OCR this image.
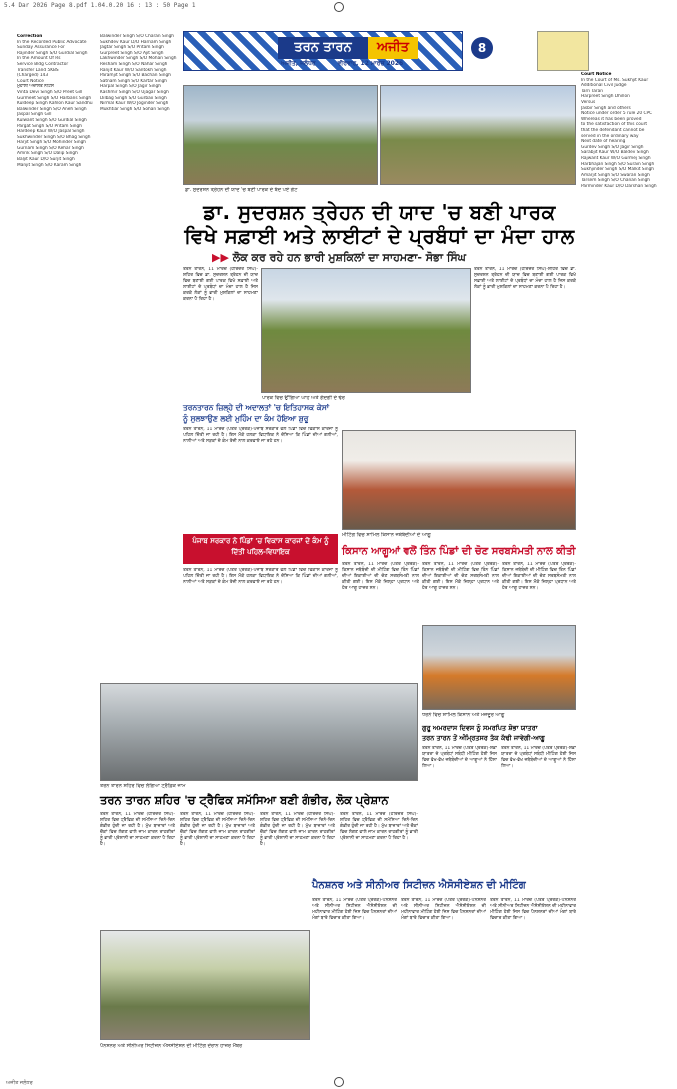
5.4 Dar 2026 Page 8.pdf 1.04.0.20 16 : 13 : 50 Page 1
Correction
In the Recorded Public Advocate
Sunday Assurance For
Rajinder Singh S/O Gurdial Singh
In the Amount Of Rs
Service Bldg Contractor
Transfer Land 5KBS
(Charged) 143
Court Notice
ਮੁਹਾਲੀ ਅਦਾਲਤ ਨੋਟਿਸ
Vinta Devi Singh S/O Preet Gill
Gurmeet Singh S/O Harbans Singh
Kuldeep Singh Kahlon Kaur Sandhu
Balwinder Singh S/O Aneh Singh
Jaspal Singh Gill
Kulwant Singh S/O Gurdial Singh
Pargat Singh S/O Pritam Singh
Hardeep Kaur W/O Jaspal Singh
Sukhwinder Singh S/O Bhag Singh
Harjit Singh S/O Mohinder Singh
Gurnam Singh S/O Kehar Singh
Amrik Singh S/O Dalip Singh
Baljit Kaur D/O Surjit Singh
Manjit Singh S/O Karam Singh
Balwinder Singh S/O Charan Singh
Sukhdev Kaur D/O Harnam Singh
Jagtar Singh S/O Pritam Singh
Gurpreet Singh S/O Ajit Singh
Lakhwinder Singh S/O Mohan Singh
Resham Singh S/O Nahar Singh
Ranjit Kaur W/O Santokh Singh
Paramjit Singh S/O Bachan Singh
Satnam Singh S/O Kartar Singh
Harpal Singh S/O Jagir Singh
Kashmir Singh S/O Ujagar Singh
Dilbag Singh S/O Gurbax Singh
Nirmal Kaur W/O Joginder Singh
Mukhtiar Singh S/O Sohan Singh
ਤਰਨ ਤਾਰਨ	ਅਜੀਤ
ਅਜੀਤ, ਜਲੰਧਰ	ਵੀਰਵਾਰ, 12 ਮਾਰਚ 2026
8
Court Notice
In the Court of Ms. Sukhjit Kaur
Additional Civil Judge
Tarn Taran
Harpreet Singh Dhillon
Versus
Jasbir Singh and others
Notice under order 5 rule 20 CPC
Whereas it has been proved
to the satisfaction of this court
that the defendant cannot be
served in the ordinary way
Next date of hearing
Gurdev Singh S/O Jagir Singh
Sarabjit Kaur W/O Baldev Singh
Rajwant Kaur W/O Gurmej Singh
Harbhajan Singh S/O Surain Singh
Sukhjinder Singh S/O Malkit Singh
Amarjit Singh S/O Swaran Singh
Tarsem Singh S/O Chanan Singh
Parminder Kaur D/O Darshan Singh
ਡਾ. ਸੁਦਰਸ਼ਨ ਤ੍ਰੇਹਨ ਦੀ ਯਾਦ 'ਚ ਬਣੀ ਪਾਰਕ ਦੇ ਬੰਦ ਪਏ ਗੇਟ
ਡਾ. ਸੁਦਰਸ਼ਨ ਤ੍ਰੇਹਨ ਦੀ ਯਾਦ 'ਚ ਬਣੀ ਪਾਰਕ
ਵਿਖੇ ਸਫ਼ਾਈ ਅਤੇ ਲਾਈਟਾਂ ਦੇ ਪ੍ਰਬੰਧਾਂ ਦਾ ਮੰਦਾ ਹਾਲ
▶▶ ਲੋਕ ਕਰ ਰਹੇ ਹਨ ਭਾਰੀ ਮੁਸ਼ਕਿਲਾਂ ਦਾ ਸਾਹਮਣਾ- ਸੋਭਾ ਸਿੰਘ
ਤਰਨ ਤਾਰਨ, 11 ਮਾਰਚ (ਹਰਿੰਦਰ ਸਿੰਘ)-ਸ਼ਹਿਰ ਵਿਚ ਡਾ. ਸੁਦਰਸ਼ਨ ਤ੍ਰੇਹਨ ਦੀ ਯਾਦ ਵਿਚ ਬਣਾਈ ਗਈ ਪਾਰਕ ਵਿਖੇ ਸਫ਼ਾਈ ਅਤੇ ਲਾਈਟਾਂ ਦੇ ਪ੍ਰਬੰਧਾਂ ਦਾ ਮੰਦਾ ਹਾਲ ਹੈ ਜਿਸ ਕਰਕੇ ਲੋਕਾਂ ਨੂੰ ਭਾਰੀ ਮੁਸ਼ਕਿਲਾਂ ਦਾ ਸਾਹਮਣਾ ਕਰਨਾ ਪੈ ਰਿਹਾ ਹੈ।
ਪਾਰਕ ਵਿਚ ਉੱਗਿਆ ਘਾਹ ਅਤੇ ਗੰਦਗੀ ਦੇ ਢੇਰ
ਤਰਨ ਤਾਰਨ, 11 ਮਾਰਚ (ਹਰਿੰਦਰ ਸਿੰਘ)-ਸ਼ਹਿਰ ਵਿਚ ਡਾ. ਸੁਦਰਸ਼ਨ ਤ੍ਰੇਹਨ ਦੀ ਯਾਦ ਵਿਚ ਬਣਾਈ ਗਈ ਪਾਰਕ ਵਿਖੇ ਸਫ਼ਾਈ ਅਤੇ ਲਾਈਟਾਂ ਦੇ ਪ੍ਰਬੰਧਾਂ ਦਾ ਮੰਦਾ ਹਾਲ ਹੈ ਜਿਸ ਕਰਕੇ ਲੋਕਾਂ ਨੂੰ ਭਾਰੀ ਮੁਸ਼ਕਿਲਾਂ ਦਾ ਸਾਹਮਣਾ ਕਰਨਾ ਪੈ ਰਿਹਾ ਹੈ।
ਤਰਨਤਾਰਨ ਜ਼ਿਲ੍ਹੇ ਦੀ ਅਦਾਲਤਾਂ 'ਚ ਇਤਿਹਾਸਕ ਕੇਸਾਂ
ਨੂੰ ਸੁਲਝਾਉਣ ਲਈ ਮੁਹਿੰਮ ਦਾ ਕੰਮ ਹੋਇਆ ਸ਼ੁਰੂ
ਤਰਨ ਤਾਰਨ, 11 ਮਾਰਚ (ਪੱਤਰ ਪ੍ਰੇਰਕ)-ਪੰਜਾਬ ਸਰਕਾਰ ਵਲੋਂ ਪਿੰਡਾਂ ਵਿਚ ਵਿਕਾਸ ਕਾਰਜਾਂ ਨੂੰ ਪਹਿਲ ਦਿੱਤੀ ਜਾ ਰਹੀ ਹੈ। ਇਸ ਮੌਕੇ ਹਲਕਾ ਵਿਧਾਇਕ ਨੇ ਦੱਸਿਆ ਕਿ ਪਿੰਡਾਂ ਦੀਆਂ ਗਲੀਆਂ, ਨਾਲੀਆਂ ਅਤੇ ਸੜਕਾਂ ਦੇ ਕੰਮ ਤੇਜ਼ੀ ਨਾਲ ਕਰਵਾਏ ਜਾ ਰਹੇ ਹਨ।
ਪੰਜਾਬ ਸਰਕਾਰ ਨੇ ਪਿੰਡਾਂ 'ਚ ਵਿਕਾਸ ਕਾਰਜਾਂ ਦੇ ਕੰਮ ਨੂੰ ਦਿੱਤੀ ਪਹਿਲ-ਵਿਧਾਇਕ
ਤਰਨ ਤਾਰਨ, 11 ਮਾਰਚ (ਪੱਤਰ ਪ੍ਰੇਰਕ)-ਪੰਜਾਬ ਸਰਕਾਰ ਵਲੋਂ ਪਿੰਡਾਂ ਵਿਚ ਵਿਕਾਸ ਕਾਰਜਾਂ ਨੂੰ ਪਹਿਲ ਦਿੱਤੀ ਜਾ ਰਹੀ ਹੈ। ਇਸ ਮੌਕੇ ਹਲਕਾ ਵਿਧਾਇਕ ਨੇ ਦੱਸਿਆ ਕਿ ਪਿੰਡਾਂ ਦੀਆਂ ਗਲੀਆਂ, ਨਾਲੀਆਂ ਅਤੇ ਸੜਕਾਂ ਦੇ ਕੰਮ ਤੇਜ਼ੀ ਨਾਲ ਕਰਵਾਏ ਜਾ ਰਹੇ ਹਨ।
ਮੀਟਿੰਗ ਵਿਚ ਸ਼ਾਮਿਲ ਕਿਸਾਨ ਜਥੇਬੰਦੀਆਂ ਦੇ ਆਗੂ
ਕਿਸਾਨ ਆਗੂਆਂ ਵਲੋਂ ਤਿੰਨ ਪਿੰਡਾਂ ਦੀ ਚੋਣ ਸਰਬਸੰਮਤੀ ਨਾਲ ਕੀਤੀ
ਤਰਨ ਤਾਰਨ, 11 ਮਾਰਚ (ਪੱਤਰ ਪ੍ਰੇਰਕ)-ਕਿਸਾਨ ਜਥੇਬੰਦੀ ਦੀ ਮੀਟਿੰਗ ਵਿਚ ਤਿੰਨ ਪਿੰਡਾਂ ਦੀਆਂ ਇਕਾਈਆਂ ਦੀ ਚੋਣ ਸਰਬਸੰਮਤੀ ਨਾਲ ਕੀਤੀ ਗਈ। ਇਸ ਮੌਕੇ ਜ਼ਿਲ੍ਹਾ ਪ੍ਰਧਾਨ ਅਤੇ ਹੋਰ ਆਗੂ ਹਾਜ਼ਰ ਸਨ।
ਤਰਨ ਤਾਰਨ, 11 ਮਾਰਚ (ਪੱਤਰ ਪ੍ਰੇਰਕ)-ਕਿਸਾਨ ਜਥੇਬੰਦੀ ਦੀ ਮੀਟਿੰਗ ਵਿਚ ਤਿੰਨ ਪਿੰਡਾਂ ਦੀਆਂ ਇਕਾਈਆਂ ਦੀ ਚੋਣ ਸਰਬਸੰਮਤੀ ਨਾਲ ਕੀਤੀ ਗਈ। ਇਸ ਮੌਕੇ ਜ਼ਿਲ੍ਹਾ ਪ੍ਰਧਾਨ ਅਤੇ ਹੋਰ ਆਗੂ ਹਾਜ਼ਰ ਸਨ।
ਤਰਨ ਤਾਰਨ, 11 ਮਾਰਚ (ਪੱਤਰ ਪ੍ਰੇਰਕ)-ਕਿਸਾਨ ਜਥੇਬੰਦੀ ਦੀ ਮੀਟਿੰਗ ਵਿਚ ਤਿੰਨ ਪਿੰਡਾਂ ਦੀਆਂ ਇਕਾਈਆਂ ਦੀ ਚੋਣ ਸਰਬਸੰਮਤੀ ਨਾਲ ਕੀਤੀ ਗਈ। ਇਸ ਮੌਕੇ ਜ਼ਿਲ੍ਹਾ ਪ੍ਰਧਾਨ ਅਤੇ ਹੋਰ ਆਗੂ ਹਾਜ਼ਰ ਸਨ।
ਤਰਨ ਤਾਰਨ ਸ਼ਹਿਰ ਵਿਚ ਲੱਗਿਆ ਟ੍ਰੈਫ਼ਿਕ ਜਾਮ
ਤਰਨ ਤਾਰਨ ਸ਼ਹਿਰ 'ਚ ਟ੍ਰੈਫਿਕ ਸਮੱਸਿਆ ਬਣੀ ਗੰਭੀਰ, ਲੋਕ ਪ੍ਰੇਸ਼ਾਨ
ਤਰਨ ਤਾਰਨ, 11 ਮਾਰਚ (ਹਰਿੰਦਰ ਸਿੰਘ)-ਸ਼ਹਿਰ ਵਿਚ ਟ੍ਰੈਫਿਕ ਦੀ ਸਮੱਸਿਆ ਦਿਨੋ-ਦਿਨ ਗੰਭੀਰ ਹੁੰਦੀ ਜਾ ਰਹੀ ਹੈ। ਮੁੱਖ ਬਾਜ਼ਾਰਾਂ ਅਤੇ ਚੌਕਾਂ ਵਿਚ ਲੱਗਣ ਵਾਲੇ ਜਾਮ ਕਾਰਨ ਰਾਹਗੀਰਾਂ ਨੂੰ ਭਾਰੀ ਪ੍ਰੇਸ਼ਾਨੀ ਦਾ ਸਾਹਮਣਾ ਕਰਨਾ ਪੈ ਰਿਹਾ ਹੈ।
ਤਰਨ ਤਾਰਨ, 11 ਮਾਰਚ (ਹਰਿੰਦਰ ਸਿੰਘ)-ਸ਼ਹਿਰ ਵਿਚ ਟ੍ਰੈਫਿਕ ਦੀ ਸਮੱਸਿਆ ਦਿਨੋ-ਦਿਨ ਗੰਭੀਰ ਹੁੰਦੀ ਜਾ ਰਹੀ ਹੈ। ਮੁੱਖ ਬਾਜ਼ਾਰਾਂ ਅਤੇ ਚੌਕਾਂ ਵਿਚ ਲੱਗਣ ਵਾਲੇ ਜਾਮ ਕਾਰਨ ਰਾਹਗੀਰਾਂ ਨੂੰ ਭਾਰੀ ਪ੍ਰੇਸ਼ਾਨੀ ਦਾ ਸਾਹਮਣਾ ਕਰਨਾ ਪੈ ਰਿਹਾ ਹੈ।
ਤਰਨ ਤਾਰਨ, 11 ਮਾਰਚ (ਹਰਿੰਦਰ ਸਿੰਘ)-ਸ਼ਹਿਰ ਵਿਚ ਟ੍ਰੈਫਿਕ ਦੀ ਸਮੱਸਿਆ ਦਿਨੋ-ਦਿਨ ਗੰਭੀਰ ਹੁੰਦੀ ਜਾ ਰਹੀ ਹੈ। ਮੁੱਖ ਬਾਜ਼ਾਰਾਂ ਅਤੇ ਚੌਕਾਂ ਵਿਚ ਲੱਗਣ ਵਾਲੇ ਜਾਮ ਕਾਰਨ ਰਾਹਗੀਰਾਂ ਨੂੰ ਭਾਰੀ ਪ੍ਰੇਸ਼ਾਨੀ ਦਾ ਸਾਹਮਣਾ ਕਰਨਾ ਪੈ ਰਿਹਾ ਹੈ।
ਤਰਨ ਤਾਰਨ, 11 ਮਾਰਚ (ਹਰਿੰਦਰ ਸਿੰਘ)-ਸ਼ਹਿਰ ਵਿਚ ਟ੍ਰੈਫਿਕ ਦੀ ਸਮੱਸਿਆ ਦਿਨੋ-ਦਿਨ ਗੰਭੀਰ ਹੁੰਦੀ ਜਾ ਰਹੀ ਹੈ। ਮੁੱਖ ਬਾਜ਼ਾਰਾਂ ਅਤੇ ਚੌਕਾਂ ਵਿਚ ਲੱਗਣ ਵਾਲੇ ਜਾਮ ਕਾਰਨ ਰਾਹਗੀਰਾਂ ਨੂੰ ਭਾਰੀ ਪ੍ਰੇਸ਼ਾਨੀ ਦਾ ਸਾਹਮਣਾ ਕਰਨਾ ਪੈ ਰਿਹਾ ਹੈ।
ਧਰਨੇ ਵਿਚ ਸ਼ਾਮਿਲ ਕਿਸਾਨ ਅਤੇ ਮਜ਼ਦੂਰ ਆਗੂ
ਗੁਰੂ ਅਮਰਦਾਸ ਦਿਵਸ ਨੂੰ ਸਮਰਪਿਤ ਸ਼ੋਭਾ ਯਾਤਰਾ
ਤਰਨ ਤਾਰਨ ਤੋਂ ਅੰਮ੍ਰਿਤਸਰ ਤੱਕ ਕੱਢੀ ਜਾਵੇਗੀ-ਆਗੂ
ਤਰਨ ਤਾਰਨ, 11 ਮਾਰਚ (ਪੱਤਰ ਪ੍ਰੇਰਕ)-ਸ਼ੋਭਾ ਯਾਤਰਾ ਦੇ ਪ੍ਰਬੰਧਾਂ ਸਬੰਧੀ ਮੀਟਿੰਗ ਹੋਈ ਜਿਸ ਵਿਚ ਵੱਖ-ਵੱਖ ਜਥੇਬੰਦੀਆਂ ਦੇ ਆਗੂਆਂ ਨੇ ਹਿੱਸਾ ਲਿਆ।
ਤਰਨ ਤਾਰਨ, 11 ਮਾਰਚ (ਪੱਤਰ ਪ੍ਰੇਰਕ)-ਸ਼ੋਭਾ ਯਾਤਰਾ ਦੇ ਪ੍ਰਬੰਧਾਂ ਸਬੰਧੀ ਮੀਟਿੰਗ ਹੋਈ ਜਿਸ ਵਿਚ ਵੱਖ-ਵੱਖ ਜਥੇਬੰਦੀਆਂ ਦੇ ਆਗੂਆਂ ਨੇ ਹਿੱਸਾ ਲਿਆ।
ਪੈਨਸ਼ਨਰ ਅਤੇ ਸੀਨੀਅਰ ਸਿਟੀਜ਼ਨ ਐਸੋਸੀਏਸ਼ਨ ਦੀ ਮੀਟਿੰਗ ਦੌਰਾਨ ਹਾਜ਼ਰ ਮੈਂਬਰ
ਪੈਨਸ਼ਨਰ ਅਤੇ ਸੀਨੀਅਰ ਸਿਟੀਜ਼ਨ ਐਸੋਸੀਏਸ਼ਨ ਦੀ ਮੀਟਿੰਗ
ਤਰਨ ਤਾਰਨ, 11 ਮਾਰਚ (ਪੱਤਰ ਪ੍ਰੇਰਕ)-ਪੈਨਸ਼ਨਰ ਅਤੇ ਸੀਨੀਅਰ ਸਿਟੀਜ਼ਨ ਐਸੋਸੀਏਸ਼ਨ ਦੀ ਮਹੀਨਾਵਾਰ ਮੀਟਿੰਗ ਹੋਈ ਜਿਸ ਵਿਚ ਪੈਨਸ਼ਨਰਾਂ ਦੀਆਂ ਮੰਗਾਂ ਬਾਰੇ ਵਿਚਾਰ ਕੀਤਾ ਗਿਆ।
ਤਰਨ ਤਾਰਨ, 11 ਮਾਰਚ (ਪੱਤਰ ਪ੍ਰੇਰਕ)-ਪੈਨਸ਼ਨਰ ਅਤੇ ਸੀਨੀਅਰ ਸਿਟੀਜ਼ਨ ਐਸੋਸੀਏਸ਼ਨ ਦੀ ਮਹੀਨਾਵਾਰ ਮੀਟਿੰਗ ਹੋਈ ਜਿਸ ਵਿਚ ਪੈਨਸ਼ਨਰਾਂ ਦੀਆਂ ਮੰਗਾਂ ਬਾਰੇ ਵਿਚਾਰ ਕੀਤਾ ਗਿਆ।
ਤਰਨ ਤਾਰਨ, 11 ਮਾਰਚ (ਪੱਤਰ ਪ੍ਰੇਰਕ)-ਪੈਨਸ਼ਨਰ ਅਤੇ ਸੀਨੀਅਰ ਸਿਟੀਜ਼ਨ ਐਸੋਸੀਏਸ਼ਨ ਦੀ ਮਹੀਨਾਵਾਰ ਮੀਟਿੰਗ ਹੋਈ ਜਿਸ ਵਿਚ ਪੈਨਸ਼ਨਰਾਂ ਦੀਆਂ ਮੰਗਾਂ ਬਾਰੇ ਵਿਚਾਰ ਕੀਤਾ ਗਿਆ।
ਅਜੀਤ ਜਲੰਧਰ
